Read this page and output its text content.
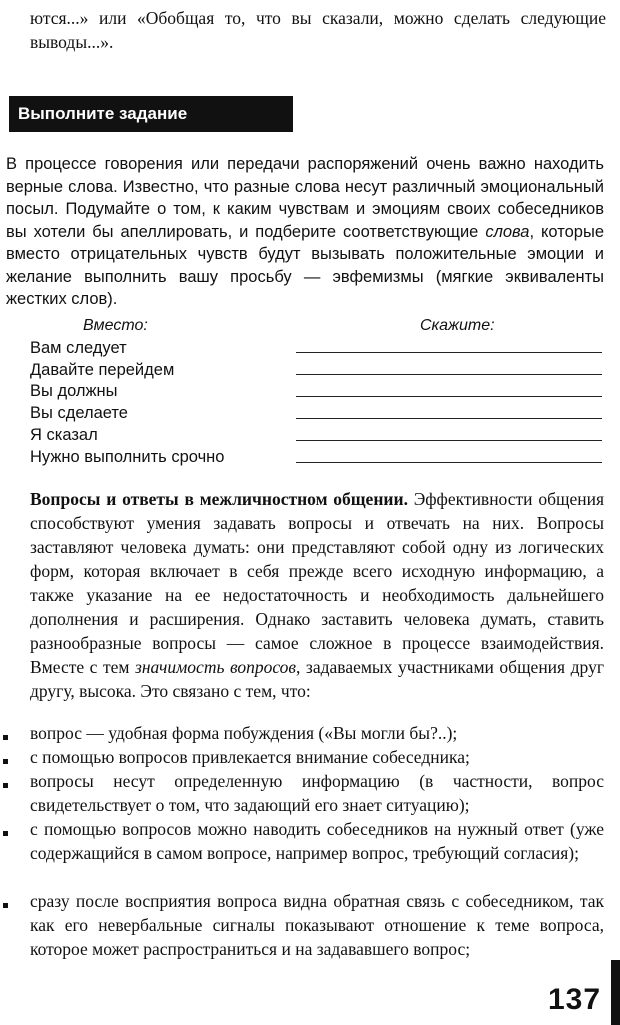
ются...» или «Обобщая то, что вы сказали, можно сделать следующие выводы...».
Выполните задание
В процессе говорения или передачи распоряжений очень важно находить верные слова. Известно, что разные слова несут различный эмоциональный посыл. Подумайте о том, к каким чувствам и эмоциям своих собеседников вы хотели бы апеллировать, и подберите соответствующие слова, которые вместо отрицательных чувств будут вызывать положительные эмоции и желание выполнить вашу просьбу — эвфемизмы (мягкие эквиваленты жестких слов).
Вместо:	Скажите:
Вам следует
Давайте перейдем
Вы должны
Вы сделаете
Я сказал
Нужно выполнить срочно
Вопросы и ответы в межличностном общении. Эффективности общения способствуют умения задавать вопросы и отвечать на них. Вопросы заставляют человека думать: они представляют собой одну из логических форм, которая включает в себя прежде всего исходную информацию, а также указание на ее недостаточность и необходимость дальнейшего дополнения и расширения. Однако заставить человека думать, ставить разнообразные вопросы — самое сложное в процессе взаимодействия. Вместе с тем значимость вопросов, задаваемых участниками общения друг другу, высока. Это связано с тем, что:
вопрос — удобная форма побуждения («Вы могли бы?..);
с помощью вопросов привлекается внимание собеседника;
вопросы несут определенную информацию (в частности, вопрос свидетельствует о том, что задающий его знает ситуацию);
с помощью вопросов можно наводить собеседников на нужный ответ (уже содержащийся в самом вопросе, например вопрос, требующий согласия);
сразу после восприятия вопроса видна обратная связь с собеседником, так как его невербальные сигналы показывают отношение к теме вопроса, которое может распространиться и на задававшего вопрос;
137
